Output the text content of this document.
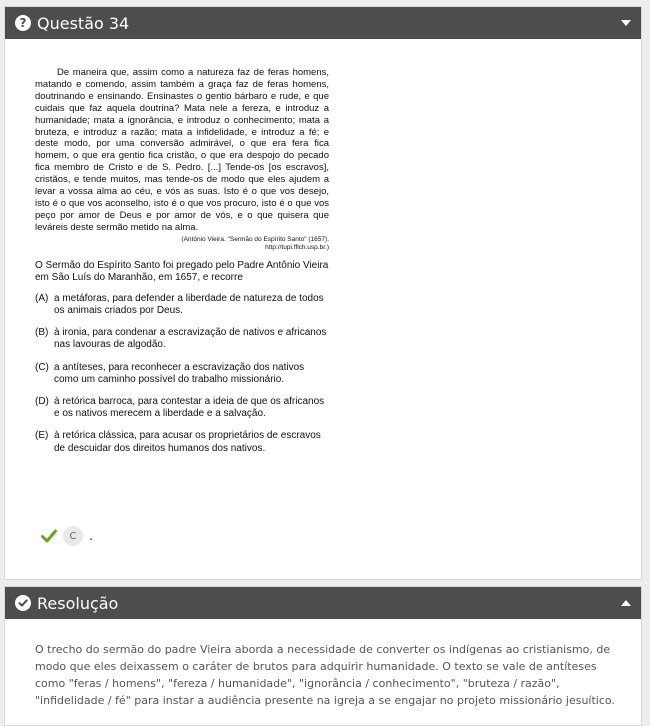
? Questão 34

De maneira que, assim como a natureza faz de feras homens, matando e comendo, assim também a graça faz de feras homens, doutrinando e ensinando. Ensinastes o gentio bárbaro e rude, e que cuidais que faz aquela doutrina? Mata nele a fereza, e introduz a humanidade; mata a ignorância, e introduz o conhecimento; mata a bruteza, e introduz a razão; mata a infidelidade, e introduz a fé; e deste modo, por uma conversão admirável, o que era fera fica homem, o que era gentio fica cristão, o que era despojo do pecado fica membro de Cristo e de S. Pedro. [...] Tende-os [os escravos], cristãos, e tende muitos, mas tende-os de modo que eles ajudem a levar a vossa alma ao céu, e vós as suas. Isto é o que vos desejo, isto é o que vos aconselho, isto é o que vos procuro, isto é o que vos peço por amor de Deus e por amor de vós, e o que quisera que leváreis deste sermão metido na alma.

(Antônio Vieira. "Sermão do Espírito Santo" (1657).
http://tupi.fflch.usp.br.)

O Sermão do Espírito Santo foi pregado pelo Padre Antônio Vieira em São Luís do Maranhão, em 1657, e recorre

(A) a metáforas, para defender a liberdade de natureza de todos os animais criados por Deus.
(B) à ironia, para condenar a escravização de nativos e africanos nas lavouras de algodão.
(C) a antíteses, para reconhecer a escravização dos nativos como um caminho possível do trabalho missionário.
(D) à retórica barroca, para contestar a ideia de que os africanos e os nativos merecem a liberdade e a salvação.
(E) à retórica clássica, para acusar os proprietários de escravos de descuidar dos direitos humanos dos nativos.
C .
Resolução

O trecho do sermão do padre Vieira aborda a necessidade de converter os indígenas ao cristianismo, de modo que eles deixassem o caráter de brutos para adquirir humanidade. O texto se vale de antíteses como "feras / homens", "fereza / humanidade", "ignorância / conhecimento", "bruteza / razão", "infidelidade / fé" para instar a audiência presente na igreja a se engajar no projeto missionário jesuítico.
